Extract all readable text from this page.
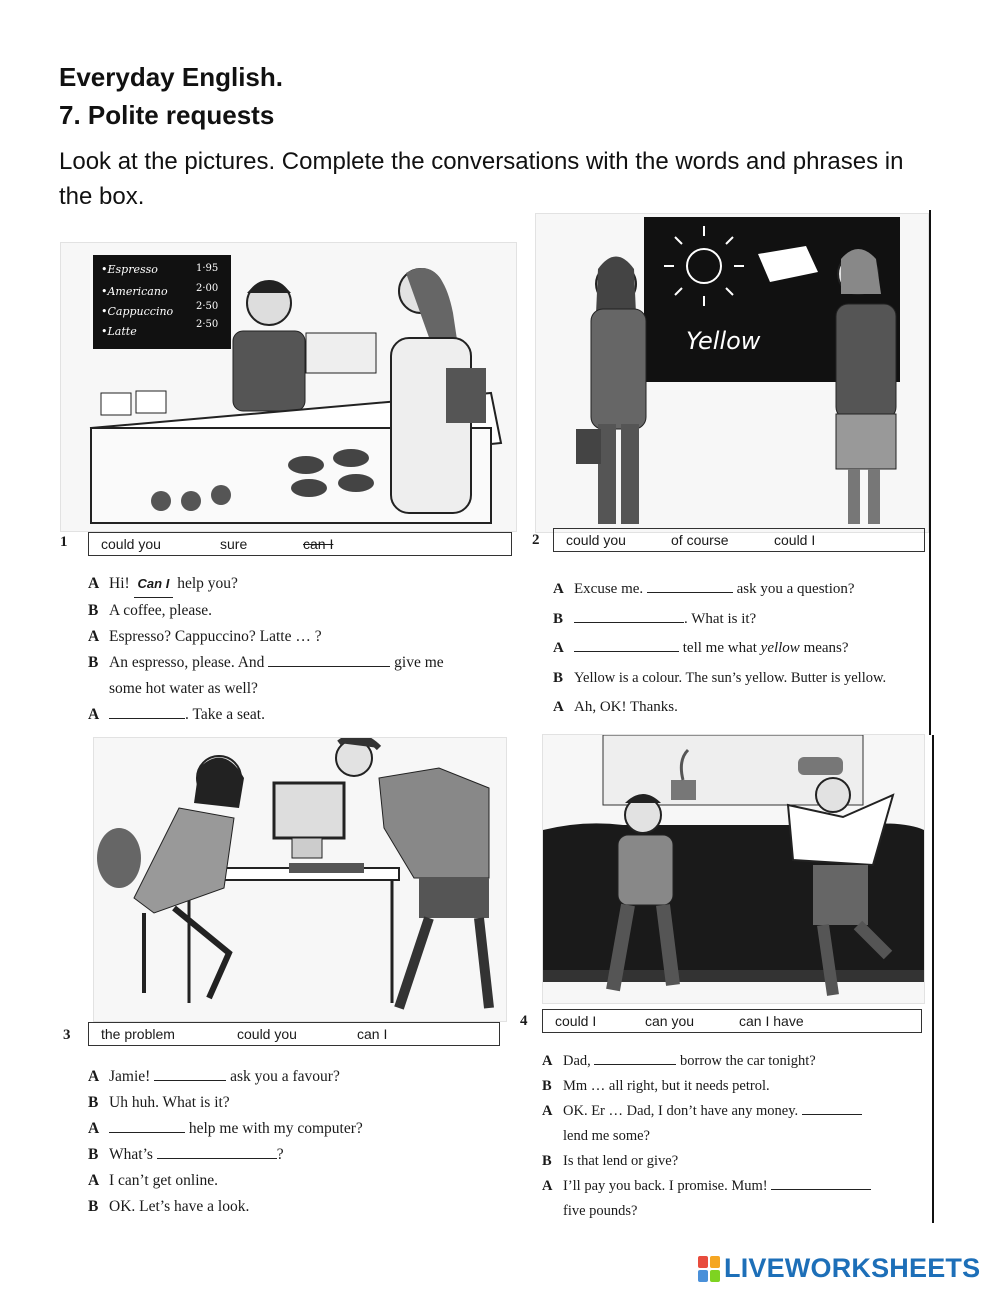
Everyday English.
7. Polite requests
Look at the pictures. Complete the conversations with the words and phrases in the box.
•Espresso
•Americano
•Cappuccino
•Latte
1·95
2·00
2·50
2·50
Yellow
1 could you	sure	can I
A Hi! Can I help you?
B A coffee, please.
A Espresso? Cappuccino? Latte … ?
B An espresso, please. And	give me
some hot water as well?
A	. Take a seat.
2 could you	of course	could I
A Excuse me.	ask you a question?
B	. What is it?
A	tell me what yellow means?
B Yellow is a colour. The sun’s yellow. Butter is yellow.
A Ah, OK! Thanks.
3 the problem	could you	can I
A Jamie!	ask you a favour?
B Uh huh. What is it?
A	help me with my computer?
B What’s	?
A I can’t get online.
B OK. Let’s have a look.
4 could I	can you	can I have
A Dad,	borrow the car tonight?
B Mm … all right, but it needs petrol.
A OK. Er … Dad, I don’t have any money.
lend me some?
B Is that lend or give?
A I’ll pay you back. I promise. Mum!
five pounds?
LIVEWORKSHEETS
